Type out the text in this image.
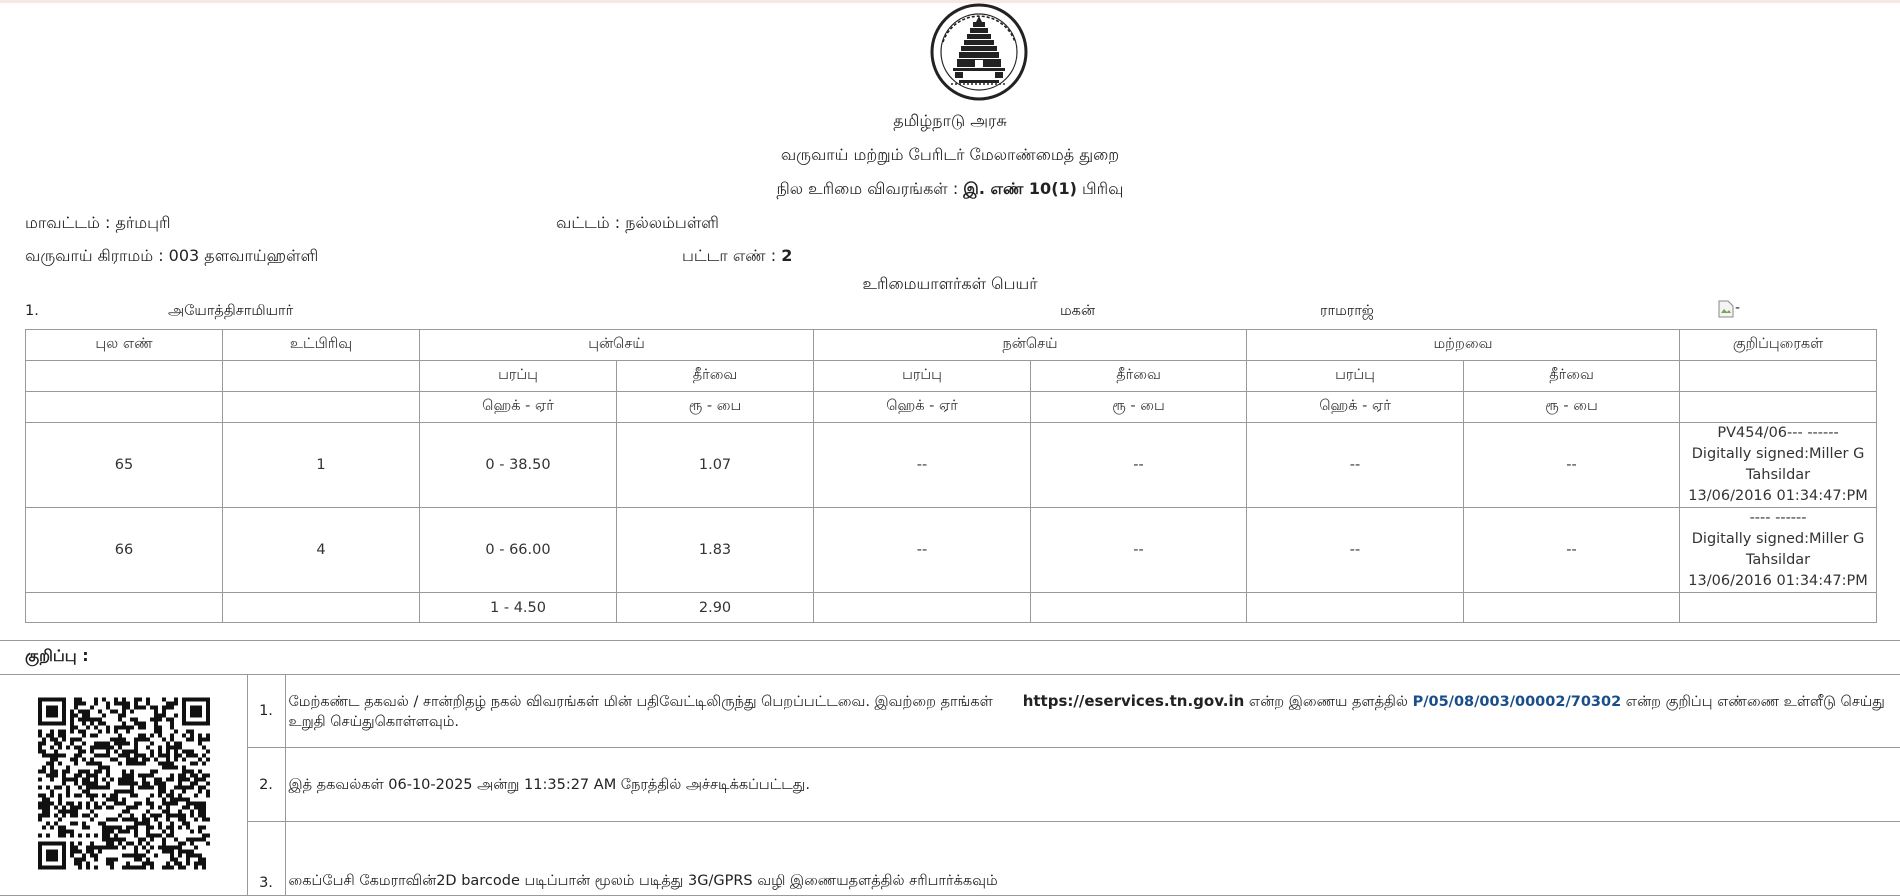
தமிழ்நாடு அரசு
வருவாய் மற்றும் பேரிடர் மேலாண்மைத் துறை
நில உரிமை விவரங்கள் : இ. எண் 10(1) பிரிவு
மாவட்டம் : தர்மபுரி	வட்டம் : நல்லம்பள்ளி
வருவாய் கிராமம் : 003 தளவாய்ஹள்ளி	பட்டா எண் : 2
உரிமையாளர்கள் பெயர்
1.	அயோத்திசாமியார்	மகன்	ராமராஜ்	-
புல எண்	உட்பிரிவு	புன்செய்		நன்செய்		மற்றவை		குறிப்புரைகள்
		பரப்பு	தீர்வை	பரப்பு	தீர்வை	பரப்பு	தீர்வை	
		ஹெக் - ஏர்	ரூ - பை	ஹெக் - ஏர்	ரூ - பை	ஹெக் - ஏர்	ரூ - பை	
65	1	0 - 38.50	1.07	--	--	--	--	PV454/06--- ------
Digitally signed:Miller G
Tahsildar
13/06/2016 01:34:47:PM

66	4	0 - 66.00	1.83	--	--	--	--	---- ------
Digitally signed:Miller G
Tahsildar
13/06/2016 01:34:47:PM

		1 - 4.50	2.90					
குறிப்பு :
	1.	மேற்கண்ட தகவல் / சான்றிதழ் நகல் விவரங்கள் மின் பதிவேட்டிலிருந்து பெறப்பட்டவை. இவற்றை தாங்கள் https://eservices.tn.gov.in என்ற இணைய தளத்தில் P/05/08/003/00002/70302 என்ற குறிப்பு எண்ணை உள்ளீடு செய்து உறுதி செய்துகொள்ளவும்.
	2.	இத் தகவல்கள் 06-10-2025 அன்று 11:35:27 AM நேரத்தில் அச்சடிக்கப்பட்டது.
	3.	கைப்பேசி கேமராவின்2D barcode படிப்பான் மூலம் படித்து 3G/GPRS வழி இணையதளத்தில் சரிபார்க்கவும்
